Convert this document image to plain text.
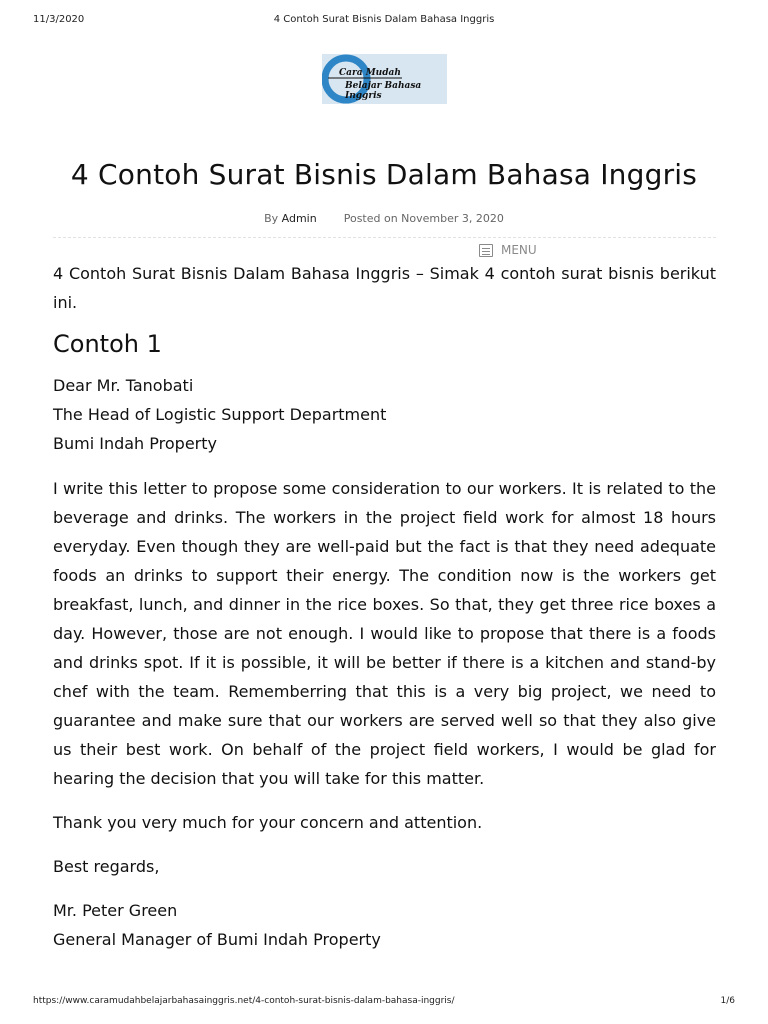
11/3/2020	4 Contoh Surat Bisnis Dalam Bahasa Inggris
Cara Mudah
Belajar Bahasa Inggris
4 Contoh Surat Bisnis Dalam Bahasa Inggris
By Admin Posted on November 3, 2020
MENU

4 Contoh Surat Bisnis Dalam Bahasa Inggris – Simak 4 contoh surat bisnis berikut ini.

Contoh 1

Dear Mr. Tanobati

The Head of Logistic Support Department

Bumi Indah Property

I write this letter to propose some consideration to our workers. It is related to the beverage and drinks. The workers in the project field work for almost 18 hours everyday. Even though they are well-paid but the fact is that they need adequate foods an drinks to support their energy. The condition now is the workers get breakfast, lunch, and dinner in the rice boxes. So that, they get three rice boxes a day. However, those are not enough. I would like to propose that there is a foods and drinks spot. If it is possible, it will be better if there is a kitchen and stand-by chef with the team. Rememberring that this is a very big project, we need to guarantee and make sure that our workers are served well so that they also give us their best work. On behalf of the project field workers, I would be glad for hearing the decision that you will take for this matter.

Thank you very much for your concern and attention.

Best regards,

Mr. Peter Green

General Manager of Bumi Indah Property

https://www.caramudahbelajarbahasainggris.net/4-contoh-surat-bisnis-dalam-bahasa-inggris/	1/6
